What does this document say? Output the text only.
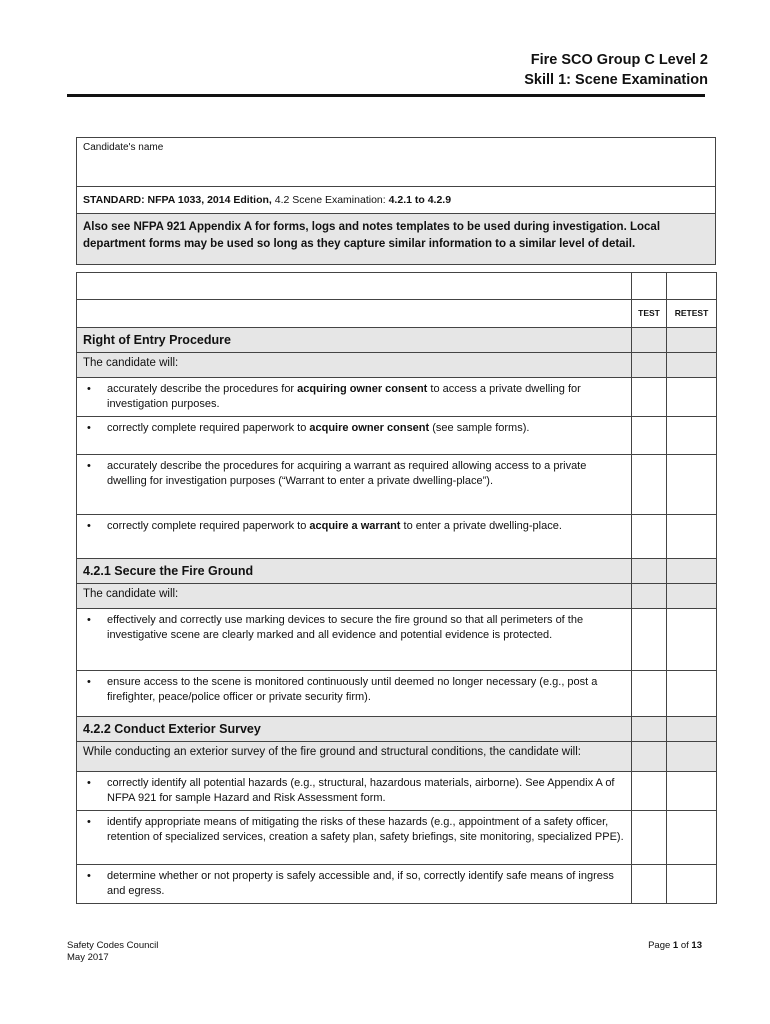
Fire SCO Group C Level 2
Skill 1: Scene Examination
Candidate's name
STANDARD: NFPA 1033, 2014 Edition, 4.2 Scene Examination: 4.2.1 to 4.2.9
Also see NFPA 921 Appendix A for forms, logs and notes templates to be used during investigation. Local department forms may be used so long as they capture similar information to a similar level of detail.

	TEST	RETEST
Right of Entry Procedure		
The candidate will:		

• accurately describe the procedures for acquiring owner consent to access a private dwelling for investigation purposes.		

• correctly complete required paperwork to acquire owner consent (see sample forms).		

• accurately describe the procedures for acquiring a warrant as required allowing access to a private dwelling for investigation purposes (“Warrant to enter a private dwelling-place”).		

• correctly complete required paperwork to acquire a warrant to enter a private dwelling-place.		
4.2.1 Secure the Fire Ground		
The candidate will:		

• effectively and correctly use marking devices to secure the fire ground so that all perimeters of the investigative scene are clearly marked and all evidence and potential evidence is protected.		

• ensure access to the scene is monitored continuously until deemed no longer necessary (e.g., post a firefighter, peace/police officer or private security firm).		
4.2.2 Conduct Exterior Survey		
While conducting an exterior survey of the fire ground and structural conditions, the candidate will:		

• correctly identify all potential hazards (e.g., structural, hazardous materials, airborne). See Appendix A of NFPA 921 for sample Hazard and Risk Assessment form.		

• identify appropriate means of mitigating the risks of these hazards (e.g., appointment of a safety officer, retention of specialized services, creation a safety plan, safety briefings, site monitoring, specialized PPE).		

• determine whether or not property is safely accessible and, if so, correctly identify safe means of ingress and egress.		
Safety Codes Council
May 2017
Page 1 of 13
